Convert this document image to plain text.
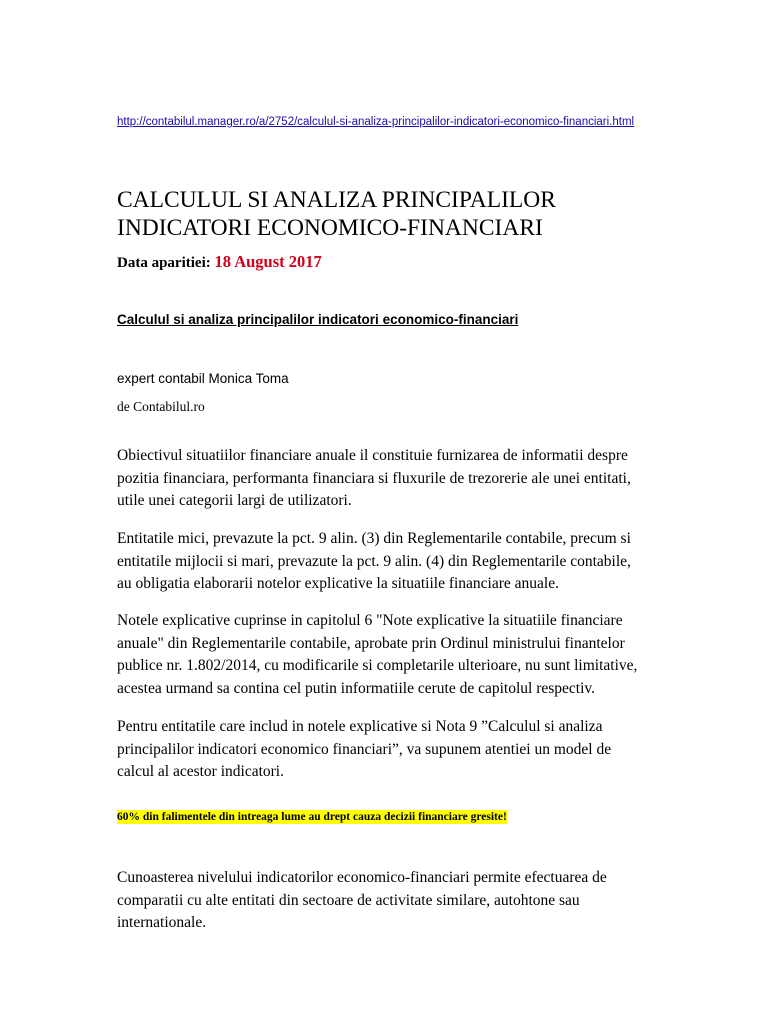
http://contabilul.manager.ro/a/2752/calculul-si-analiza-principalilor-indicatori-economico-financiari.html
CALCULUL SI ANALIZA PRINCIPALILOR INDICATORI ECONOMICO-FINANCIARI
Data aparitiei: 18 August 2017
Calculul si analiza principalilor indicatori economico-financiari
expert contabil Monica Toma
de Contabilul.ro

Obiectivul situatiilor financiare anuale il constituie furnizarea de informatii despre pozitia financiara, performanta financiara si fluxurile de trezorerie ale unei entitati, utile unei categorii largi de utilizatori.

Entitatile mici, prevazute la pct. 9 alin. (3) din Reglementarile contabile, precum si entitatile mijlocii si mari, prevazute la pct. 9 alin. (4) din Reglementarile contabile, au obligatia elaborarii notelor explicative la situatiile financiare anuale.

Notele explicative cuprinse in capitolul 6 "Note explicative la situatiile financiare anuale" din Reglementarile contabile, aprobate prin Ordinul ministrului finantelor publice nr. 1.802/2014, cu modificarile si completarile ulterioare, nu sunt limitative, acestea urmand sa contina cel putin informatiile cerute de capitolul respectiv.

Pentru entitatile care includ in notele explicative si Nota 9 ”Calculul si analiza principalilor indicatori economico financiari”, va supunem atentiei un model de calcul al acestor indicatori.

60% din falimentele din intreaga lume au drept cauza decizii financiare gresite!

Cunoasterea nivelului indicatorilor economico-financiari permite efectuarea de comparatii cu alte entitati din sectoare de activitate similare, autohtone sau internationale.
